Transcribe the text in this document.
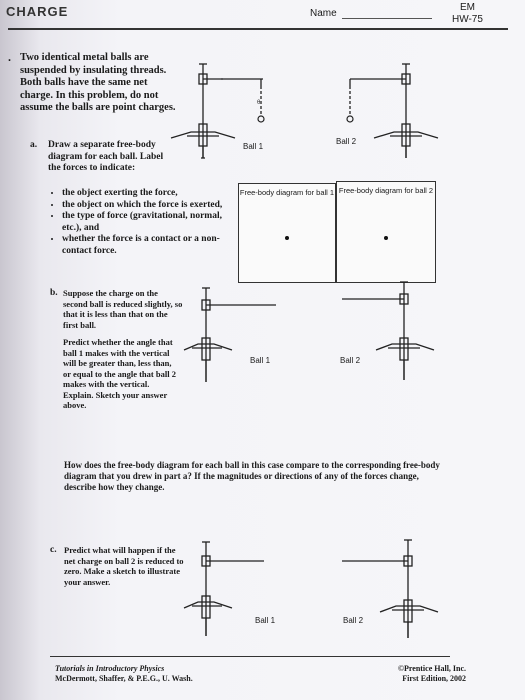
CHARGE	Name
EM
HW-75
. Two identical metal balls are suspended by insulating threads. Both balls have the same net charge. In this problem, do not assume the balls are point charges.
a. Draw a separate free-body diagram for each ball. Label the forces to indicate:
• the object exerting the force,
• the object on which the force is exerted,
• the type of force (gravitational, normal, etc.), and
• whether the force is a contact or a non-contact force.
θ
Ball 1
Ball 2
Free-body diagram for ball 1 Free-body diagram for ball 2
b. Suppose the charge on the second ball is reduced slightly, so that it is less than that on the first ball.
Predict whether the angle that ball 1 makes with the vertical will be greater than, less than, or equal to the angle that ball 2 makes with the vertical. Explain. Sketch your answer above.
Ball 1	Ball 2
How does the free-body diagram for each ball in this case compare to the corresponding free-body diagram that you drew in part a? If the magnitudes or directions of any of the forces change, describe how they change.
c. Predict what will happen if the net charge on ball 2 is reduced to zero. Make a sketch to illustrate your answer.
Ball 1	Ball 2
Tutorials in Introductory Physics
McDermott, Shaffer, & P.E.G., U. Wash.
©Prentice Hall, Inc.
First Edition, 2002
